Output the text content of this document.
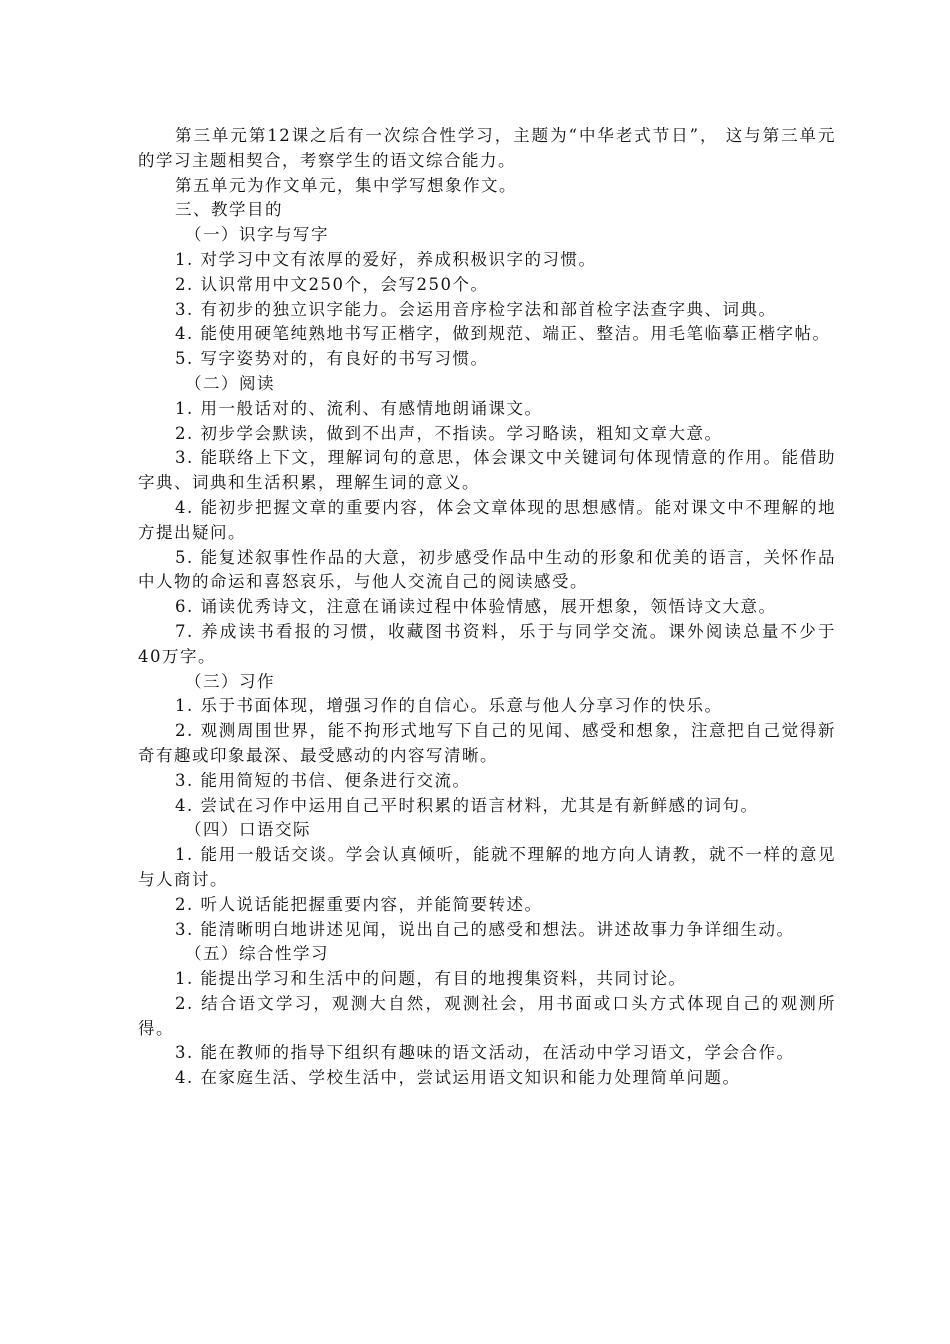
第三单元第12课之后有一次综合性学习，主题为“中华老式节日”， 这与第三单元的学习主题相契合，考察学生的语文综合能力。

第五单元为作文单元，集中学写想象作文。

三、教学目的

（一）识字与写字

1. 对学习中文有浓厚的爱好，养成积极识字的习惯。

2. 认识常用中文250个，会写250个。

3. 有初步的独立识字能力。会运用音序检字法和部首检字法查字典、词典。

4. 能使用硬笔纯熟地书写正楷字，做到规范、端正、整洁。用毛笔临摹正楷字帖。

5. 写字姿势对的，有良好的书写习惯。

（二）阅读

1. 用一般话对的、流利、有感情地朗诵课文。

2. 初步学会默读，做到不出声，不指读。学习略读，粗知文章大意。

3. 能联络上下文，理解词句的意思，体会课文中关键词句体现情意的作用。能借助字典、词典和生活积累，理解生词的意义。

4. 能初步把握文章的重要内容，体会文章体现的思想感情。能对课文中不理解的地方提出疑问。

5. 能复述叙事性作品的大意，初步感受作品中生动的形象和优美的语言，关怀作品中人物的命运和喜怒哀乐，与他人交流自己的阅读感受。

6. 诵读优秀诗文，注意在诵读过程中体验情感，展开想象，领悟诗文大意。

7. 养成读书看报的习惯，收藏图书资料，乐于与同学交流。课外阅读总量不少于40万字。

（三）习作

1. 乐于书面体现，增强习作的自信心。乐意与他人分享习作的快乐。

2. 观测周围世界，能不拘形式地写下自己的见闻、感受和想象，注意把自己觉得新奇有趣或印象最深、最受感动的内容写清晰。

3. 能用简短的书信、便条进行交流。

4. 尝试在习作中运用自己平时积累的语言材料，尤其是有新鲜感的词句。

（四）口语交际

1. 能用一般话交谈。学会认真倾听，能就不理解的地方向人请教，就不一样的意见与人商讨。

2. 听人说话能把握重要内容，并能简要转述。

3. 能清晰明白地讲述见闻，说出自己的感受和想法。讲述故事力争详细生动。

（五）综合性学习

1. 能提出学习和生活中的问题，有目的地搜集资料，共同讨论。

2. 结合语文学习，观测大自然，观测社会，用书面或口头方式体现自己的观测所得。

3. 能在教师的指导下组织有趣味的语文活动，在活动中学习语文，学会合作。

4. 在家庭生活、学校生活中，尝试运用语文知识和能力处理简单问题。
